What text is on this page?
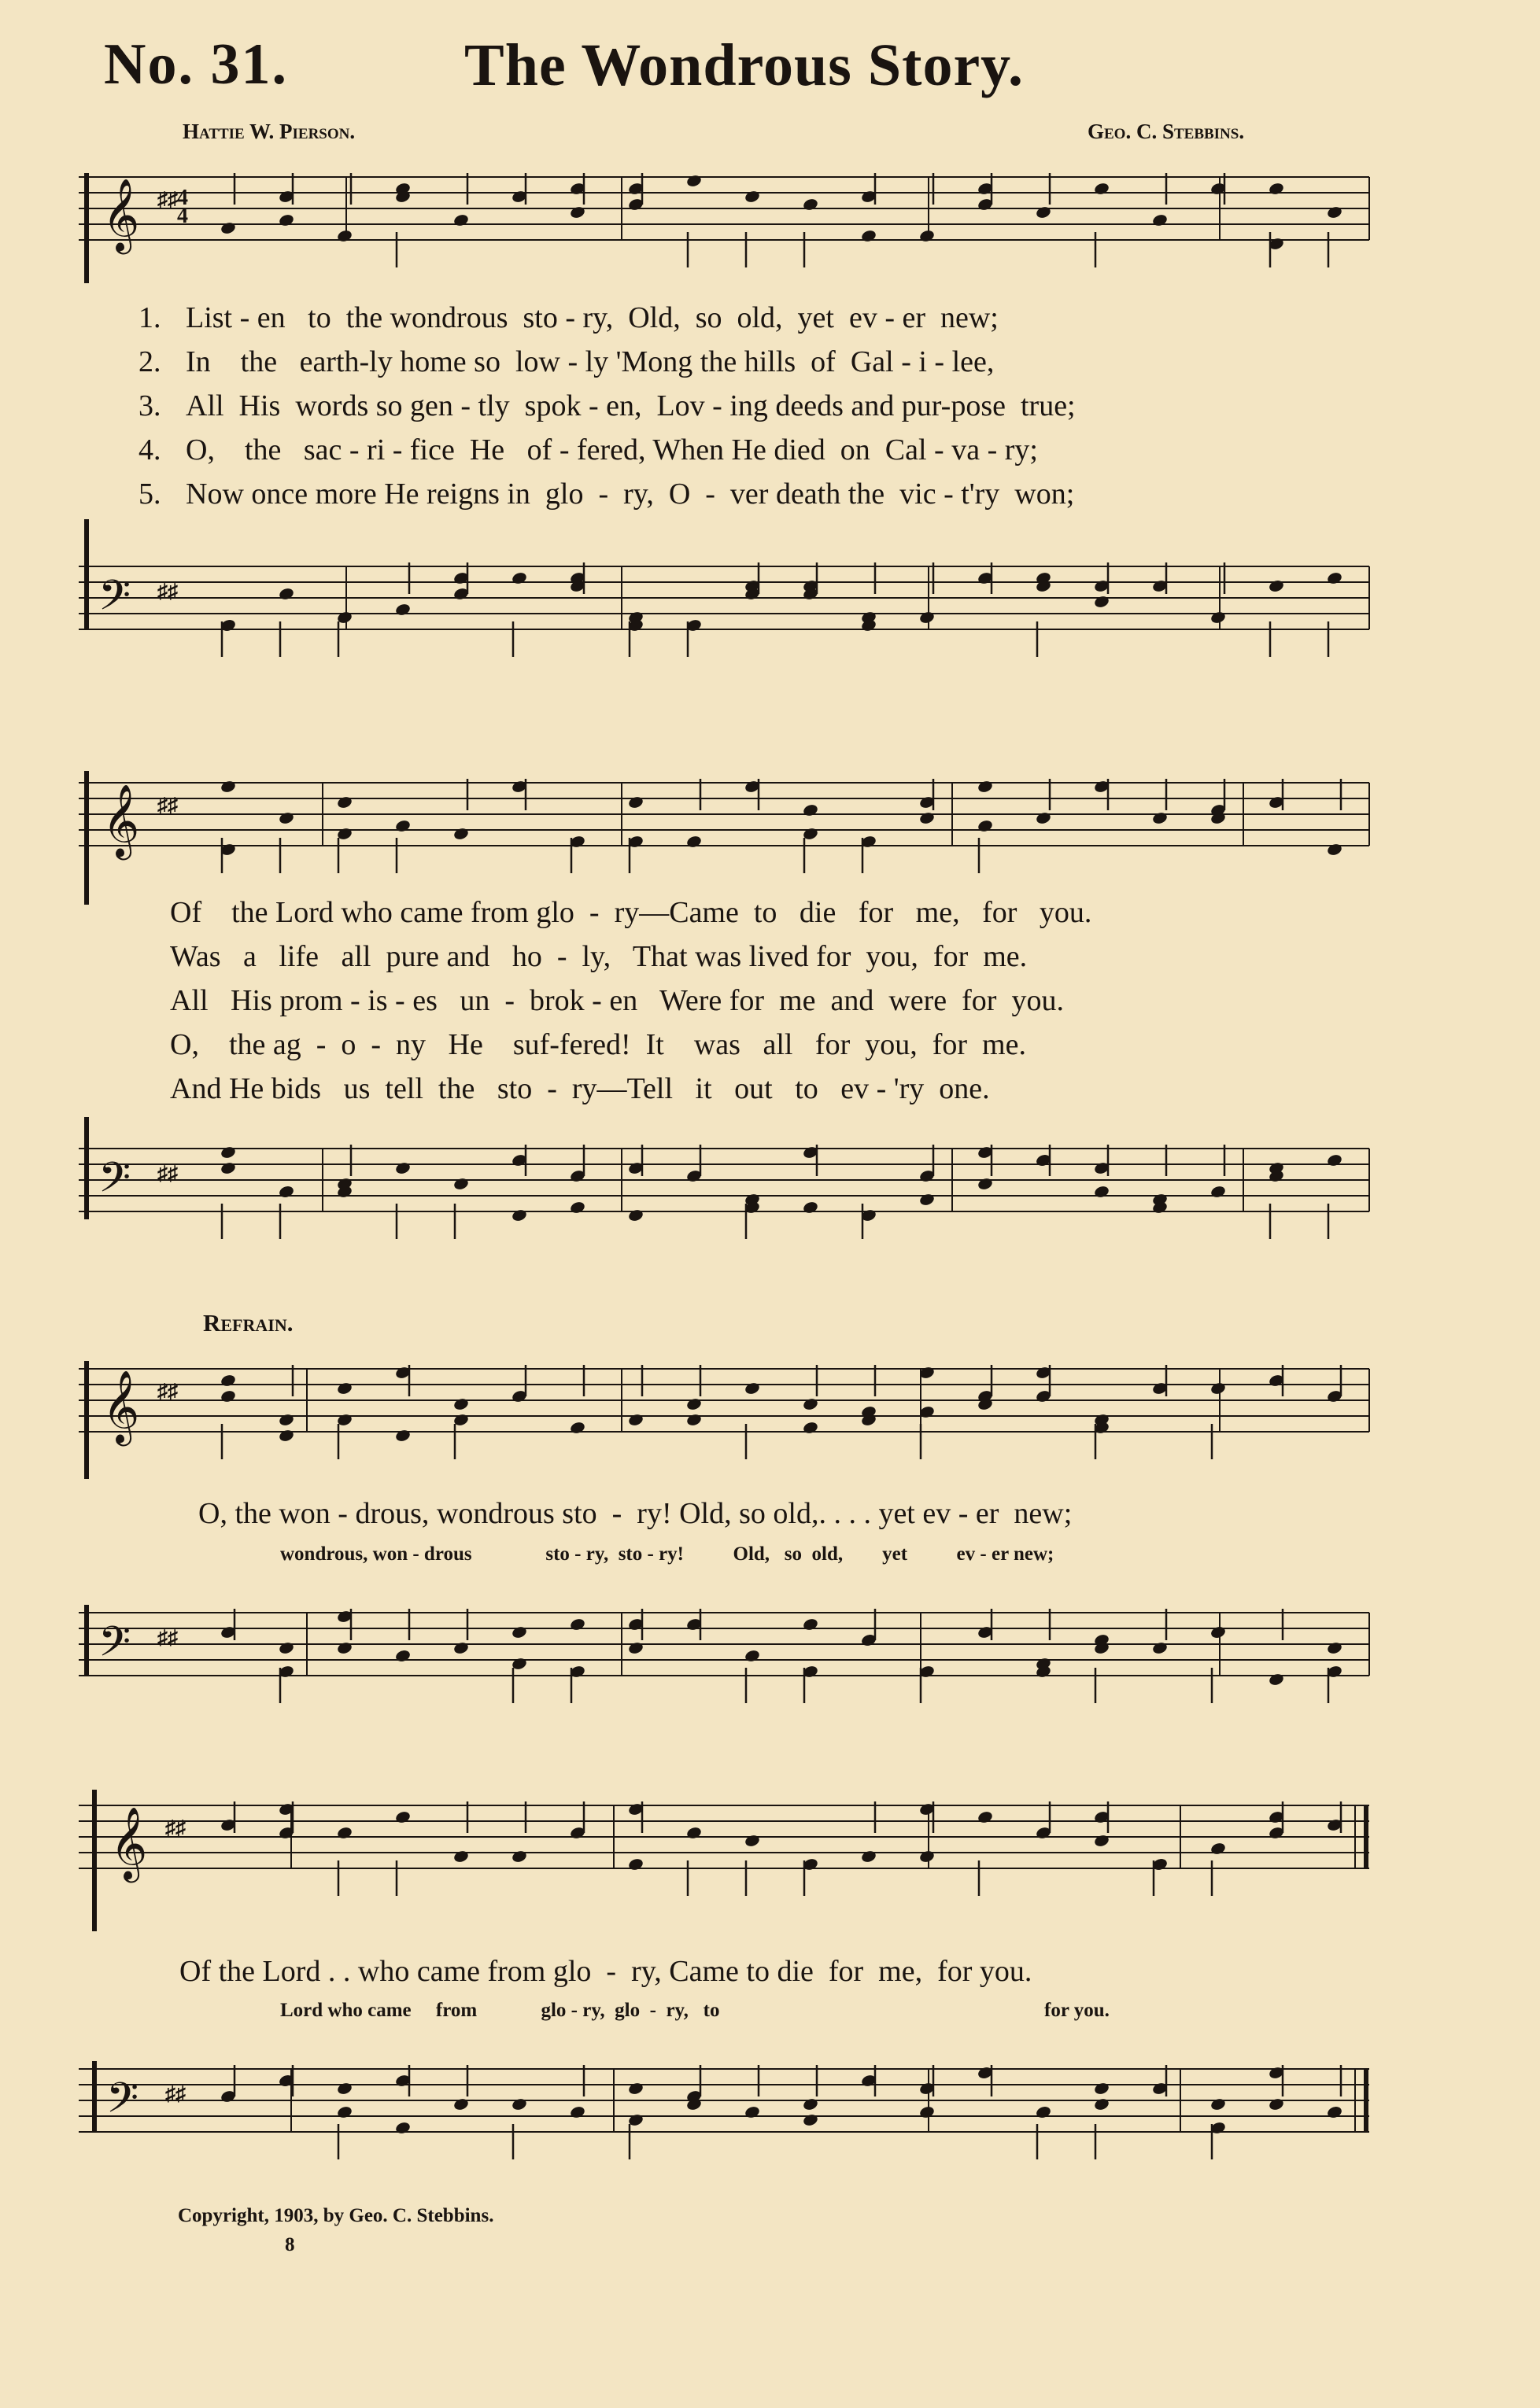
No. 31.	The Wondrous Story.
Hattie W. Pierson.	Geo. C. Stebbins.
𝄞 ♯♯ 4
4
1. List - en   to  the wondrous  sto - ry,  Old,  so  old,  yet  ev - er  new;
2. In    the   earth-ly home so  low - ly 'Mong the hills  of  Gal - i - lee,
3. All  His  words so gen - tly  spok - en,  Lov - ing deeds and pur-pose  true;
4. O,    the   sac - ri - fice  He   of - fered, When He died  on  Cal - va - ry;
5. Now once more He reigns in  glo  -  ry,  O  -  ver death the  vic - t'ry  won;
𝄢 ♯♯
𝄞 ♯♯
Of    the Lord who came from glo  -  ry—Came  to   die   for   me,   for   you.
Was   a   life   all  pure and   ho  -  ly,   That was lived for  you,  for  me.
All   His prom - is - es   un  -  brok - en   Were for  me  and  were  for  you.
O,    the ag  -  o  -  ny   He    suf-fered!  It    was   all   for  you,  for  me.
And He bids   us  tell  the   sto  -  ry—Tell   it   out   to   ev - 'ry  one.
𝄢 ♯♯
Refrain.
𝄞 ♯♯
O, the won - drous, wondrous sto  -  ry! Old, so old,. . . . yet ev - er  new;
wondrous, won - drous               sto - ry,  sto - ry!          Old,   so  old,        yet          ev - er new;
𝄢 ♯♯
𝄞 ♯♯
Of the Lord . . who came from glo  -  ry, Came to die  for  me,  for you.
Lord who came     from             glo - ry,  glo  -  ry,   to                                                                  for you.
𝄢 ♯♯
Copyright, 1903, by Geo. C. Stebbins.
8
